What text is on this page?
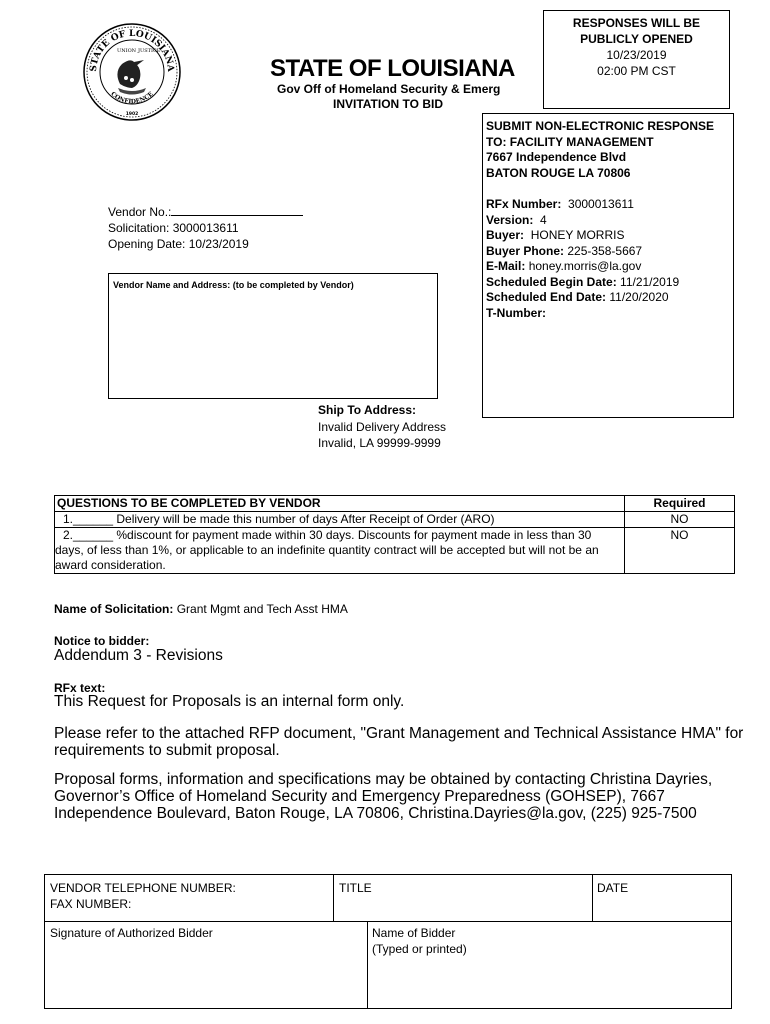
STATE OF LOUISIANA
CONFIDENCE
UNION JUSTICE
1902
STATE OF LOUISIANA
Gov Off of Homeland Security & Emerg
INVITATION TO BID
RESPONSES WILL BE
PUBLICLY OPENED
10/23/2019
02:00 PM CST
SUBMIT NON-ELECTRONIC RESPONSE
TO: FACILITY MANAGEMENT
7667 Independence Blvd
BATON ROUGE LA 70806
RFx Number: 3000013611
Version: 4
Buyer: HONEY MORRIS
Buyer Phone: 225-358-5667
E-Mail: honey.morris@la.gov
Scheduled Begin Date: 11/21/2019
Scheduled End Date: 11/20/2020
T-Number:
Vendor No.:
Solicitation: 3000013611
Opening Date: 10/23/2019
Vendor Name and Address: (to be completed by Vendor)
Ship To Address:
Invalid Delivery Address
Invalid, LA 99999-9999
QUESTIONS TO BE COMPLETED BY VENDOR	Required
1.______ Delivery will be made this number of days After Receipt of Order (ARO)	NO
2.______ %discount for payment made within 30 days. Discounts for payment made in less than 30 days, of less than 1%, or applicable to an indefinite quantity contract will be accepted but will not be an award consideration.	NO
Name of Solicitation: Grant Mgmt and Tech Asst HMA
Notice to bidder:
Addendum 3 - Revisions
RFx text:
This Request for Proposals is an internal form only.
Please refer to the attached RFP document, "Grant Management and Technical Assistance HMA" for requirements to submit proposal.
Proposal forms, information and specifications may be obtained by contacting Christina Dayries, Governor’s Office of Homeland Security and Emergency Preparedness (GOHSEP), 7667 Independence Boulevard, Baton Rouge, LA 70806, Christina.Dayries@la.gov, (225) 925-7500
VENDOR TELEPHONE NUMBER:
FAX NUMBER:
TITLE	DATE
Signature of Authorized Bidder	Name of Bidder
(Typed or printed)
